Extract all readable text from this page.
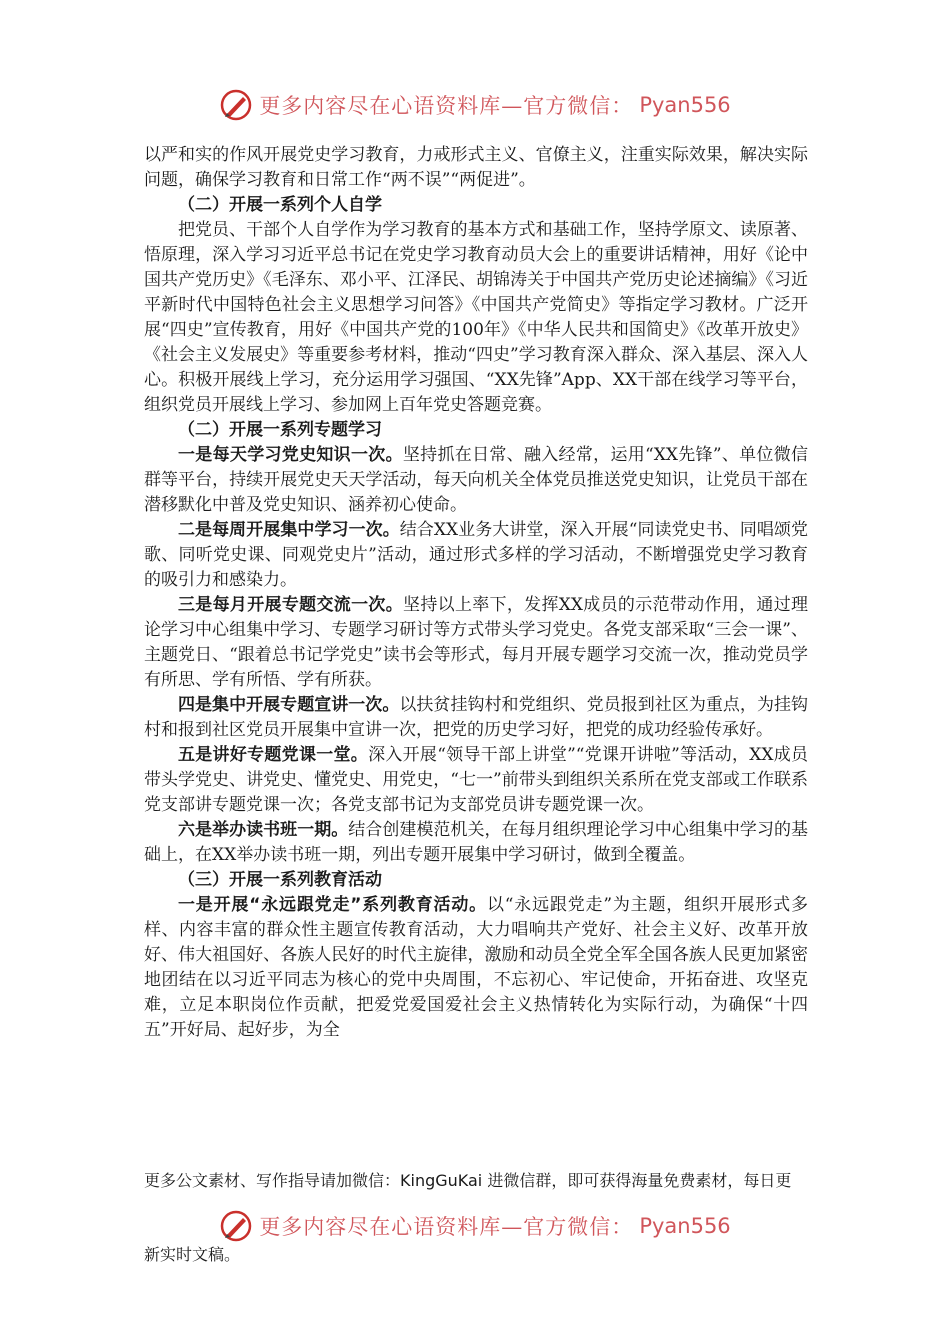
更多内容尽在心语资料库—官方微信： Pyan556

以严和实的作风开展党史学习教育，力戒形式主义、官僚主义，注重实际效果，解决实际问题，确保学习教育和日常工作“两不误”“两促进”。

（二）开展一系列个人自学

把党员、干部个人自学作为学习教育的基本方式和基础工作，坚持学原文、读原著、悟原理，深入学习习近平总书记在党史学习教育动员大会上的重要讲话精神，用好《论中国共产党历史》《毛泽东、邓小平、江泽民、胡锦涛关于中国共产党历史论述摘编》《习近平新时代中国特色社会主义思想学习问答》《中国共产党简史》等指定学习教材。广泛开展“四史”宣传教育，用好《中国共产党的100年》《中华人民共和国简史》《改革开放史》《社会主义发展史》等重要参考材料，推动“四史”学习教育深入群众、深入基层、深入人心。积极开展线上学习，充分运用学习强国、“XX先锋”App、XX干部在线学习等平台，组织党员开展线上学习、参加网上百年党史答题竞赛。

（二）开展一系列专题学习

一是每天学习党史知识一次。坚持抓在日常、融入经常，运用“XX先锋”、单位微信群等平台，持续开展党史天天学活动，每天向机关全体党员推送党史知识，让党员干部在潜移默化中普及党史知识、涵养初心使命。

二是每周开展集中学习一次。结合XX业务大讲堂，深入开展“同读党史书、同唱颂党歌、同听党史课、同观党史片”活动，通过形式多样的学习活动，不断增强党史学习教育的吸引力和感染力。

三是每月开展专题交流一次。坚持以上率下，发挥XX成员的示范带动作用，通过理论学习中心组集中学习、专题学习研讨等方式带头学习党史。各党支部采取“三会一课”、主题党日、“跟着总书记学党史”读书会等形式，每月开展专题学习交流一次，推动党员学有所思、学有所悟、学有所获。

四是集中开展专题宣讲一次。以扶贫挂钩村和党组织、党员报到社区为重点，为挂钩村和报到社区党员开展集中宣讲一次，把党的历史学习好，把党的成功经验传承好。

五是讲好专题党课一堂。深入开展“领导干部上讲堂”“党课开讲啦”等活动，XX成员带头学党史、讲党史、懂党史、用党史，“七一”前带头到组织关系所在党支部或工作联系党支部讲专题党课一次；各党支部书记为支部党员讲专题党课一次。

六是举办读书班一期。结合创建模范机关，在每月组织理论学习中心组集中学习的基础上，在XX举办读书班一期，列出专题开展集中学习研讨，做到全覆盖。

（三）开展一系列教育活动

一是开展“永远跟党走”系列教育活动。以“永远跟党走”为主题，组织开展形式多样、内容丰富的群众性主题宣传教育活动，大力唱响共产党好、社会主义好、改革开放好、伟大祖国好、各族人民好的时代主旋律，激励和动员全党全军全国各族人民更加紧密地团结在以习近平同志为核心的党中央周围，不忘初心、牢记使命，开拓奋进、攻坚克难，立足本职岗位作贡献，把爱党爱国爱社会主义热情转化为实际行动，为确保“十四五”开好局、起好步，为全

更多公文素材、写作指导请加微信：KingGuKai 进微信群，即可获得海量免费素材，每日更
更多内容尽在心语资料库—官方微信： Pyan556
新实时文稿。
